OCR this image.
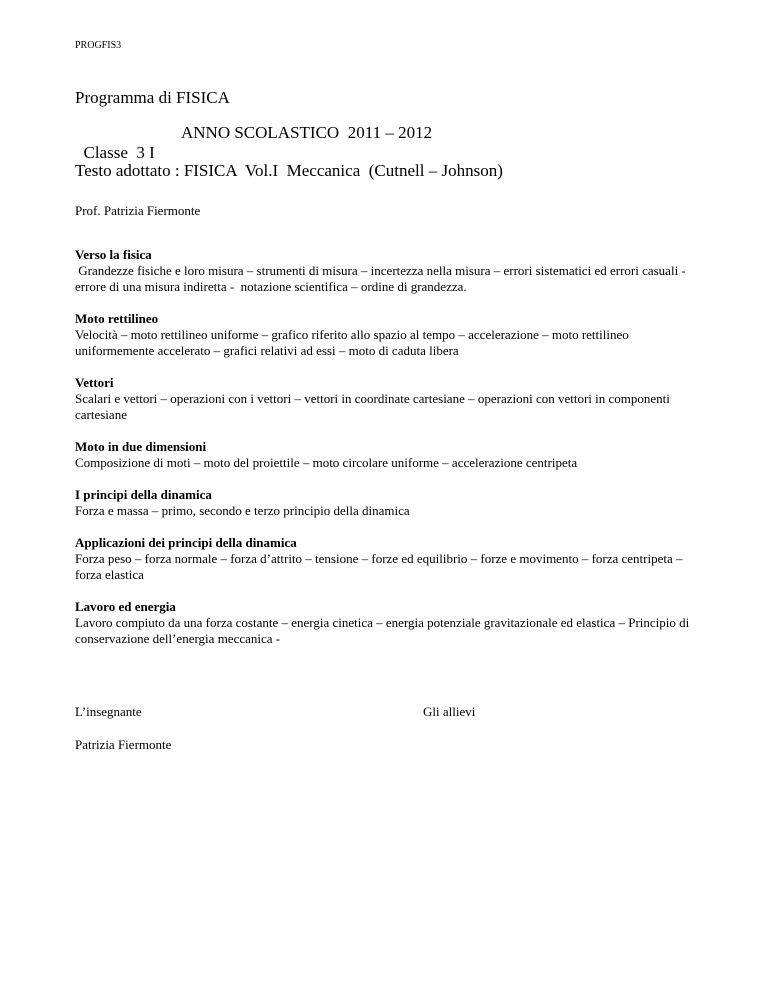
PROGFIS3
Programma di FISICA

Classe  3 I

ANNO SCOLASTICO  2011 – 2012

Testo adottato : FISICA  Vol.I  Meccanica  (Cutnell – Johnson)
Prof. Patrizia Fiermonte
Verso la fisica
Grandezze fisiche e loro misura – strumenti di misura – incertezza nella misura – errori sistematici ed errori casuali -  errore di una misura indiretta -  notazione scientifica – ordine di grandezza.
Moto rettilineo
Velocità – moto rettilineo uniforme – grafico riferito allo spazio al tempo – accelerazione – moto rettilineo uniformemente accelerato – grafici relativi ad essi – moto di caduta libera
Vettori
Scalari e vettori – operazioni con i vettori – vettori in coordinate cartesiane – operazioni con vettori in componenti cartesiane
Moto in due dimensioni
Composizione di moti – moto del proiettile – moto circolare uniforme – accelerazione centripeta
I principi della dinamica
Forza e massa – primo, secondo e terzo principio della dinamica
Applicazioni dei principi della dinamica
Forza peso – forza normale – forza d’attrito – tensione – forze ed equilibrio – forze e movimento – forza centripeta – forza elastica
Lavoro ed energia
Lavoro compiuto da una forza costante – energia cinetica – energia potenziale gravitazionale ed elastica – Principio di conservazione dell’energia meccanica -
L’insegnante	Gli allievi
Patrizia Fiermonte
